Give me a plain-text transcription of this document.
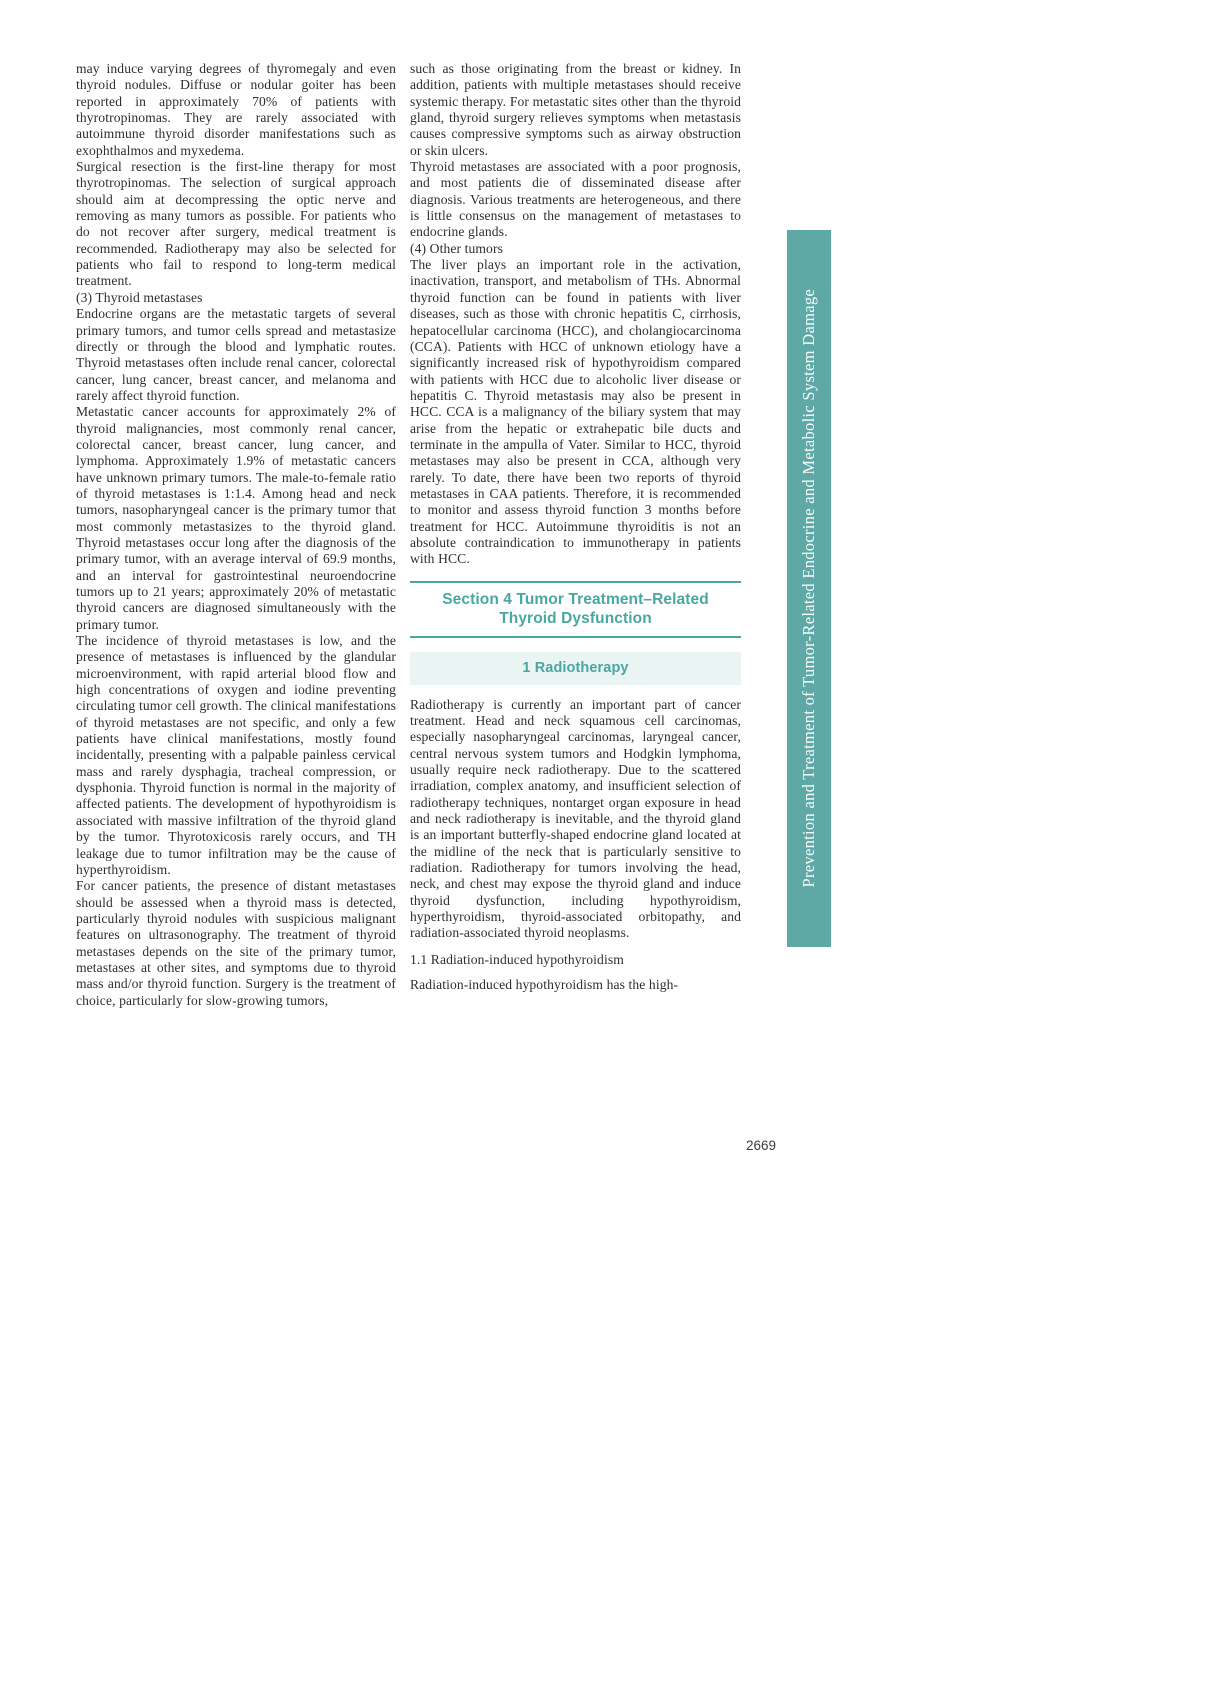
may induce varying degrees of thyromegaly and even thyroid nodules. Diffuse or nodular goiter has been reported in approximately 70% of patients with thyrotropinomas. They are rarely associated with autoimmune thyroid disorder manifestations such as exophthalmos and myxedema.

Surgical resection is the first-line therapy for most thyrotropinomas. The selection of surgical approach should aim at decompressing the optic nerve and removing as many tumors as possible. For patients who do not recover after surgery, medical treatment is recommended. Radiotherapy may also be selected for patients who fail to respond to long-term medical treatment.

(3) Thyroid metastases

Endocrine organs are the metastatic targets of several primary tumors, and tumor cells spread and metastasize directly or through the blood and lymphatic routes. Thyroid metastases often include renal cancer, colorectal cancer, lung cancer, breast cancer, and melanoma and rarely affect thyroid function.

Metastatic cancer accounts for approximately 2% of thyroid malignancies, most commonly renal cancer, colorectal cancer, breast cancer, lung cancer, and lymphoma. Approximately 1.9% of metastatic cancers have unknown primary tumors. The male-to-female ratio of thyroid metastases is 1:1.4. Among head and neck tumors, nasopharyngeal cancer is the primary tumor that most commonly metastasizes to the thyroid gland. Thyroid metastases occur long after the diagnosis of the primary tumor, with an average interval of 69.9 months, and an interval for gastrointestinal neuroendocrine tumors up to 21 years; approximately 20% of metastatic thyroid cancers are diagnosed simultaneously with the primary tumor.

The incidence of thyroid metastases is low, and the presence of metastases is influenced by the glandular microenvironment, with rapid arterial blood flow and high concentrations of oxygen and iodine preventing circulating tumor cell growth. The clinical manifestations of thyroid metastases are not specific, and only a few patients have clinical manifestations, mostly found incidentally, presenting with a palpable painless cervical mass and rarely dysphagia, tracheal compression, or dysphonia. Thyroid function is normal in the majority of affected patients. The development of hypothyroidism is associated with massive infiltration of the thyroid gland by the tumor. Thyrotoxicosis rarely occurs, and TH leakage due to tumor infiltration may be the cause of hyperthyroidism.

For cancer patients, the presence of distant metastases should be assessed when a thyroid mass is detected, particularly thyroid nodules with suspicious malignant features on ultrasonography. The treatment of thyroid metastases depends on the site of the primary tumor, metastases at other sites, and symptoms due to thyroid mass and/or thyroid function. Surgery is the treatment of choice, particularly for slow-growing tumors,

such as those originating from the breast or kidney. In addition, patients with multiple metastases should receive systemic therapy. For metastatic sites other than the thyroid gland, thyroid surgery relieves symptoms when metastasis causes compressive symptoms such as airway obstruction or skin ulcers.

Thyroid metastases are associated with a poor prognosis, and most patients die of disseminated disease after diagnosis. Various treatments are heterogeneous, and there is little consensus on the management of metastases to endocrine glands.

(4) Other tumors

The liver plays an important role in the activation, inactivation, transport, and metabolism of THs. Abnormal thyroid function can be found in patients with liver diseases, such as those with chronic hepatitis C, cirrhosis, hepatocellular carcinoma (HCC), and cholangiocarcinoma (CCA). Patients with HCC of unknown etiology have a significantly increased risk of hypothyroidism compared with patients with HCC due to alcoholic liver disease or hepatitis C. Thyroid metastasis may also be present in HCC. CCA is a malignancy of the biliary system that may arise from the hepatic or extrahepatic bile ducts and terminate in the ampulla of Vater. Similar to HCC, thyroid metastases may also be present in CCA, although very rarely. To date, there have been two reports of thyroid metastases in CAA patients. Therefore, it is recommended to monitor and assess thyroid function 3 months before treatment for HCC. Autoimmune thyroiditis is not an absolute contraindication to immunotherapy in patients with HCC.

Section 4 Tumor Treatment–Related Thyroid Dysfunction
1 Radiotherapy

Radiotherapy is currently an important part of cancer treatment. Head and neck squamous cell carcinomas, especially nasopharyngeal carcinomas, laryngeal cancer, central nervous system tumors and Hodgkin lymphoma, usually require neck radiotherapy. Due to the scattered irradiation, complex anatomy, and insufficient selection of radiotherapy techniques, nontarget organ exposure in head and neck radiotherapy is inevitable, and the thyroid gland is an important butterfly-shaped endocrine gland located at the midline of the neck that is particularly sensitive to radiation. Radiotherapy for tumors involving the head, neck, and chest may expose the thyroid gland and induce thyroid dysfunction, including hypothyroidism, hyperthyroidism, thyroid-associated orbitopathy, and radiation-associated thyroid neoplasms.

1.1 Radiation-induced hypothyroidism

Radiation-induced hypothyroidism has the high-

2669
Prevention and Treatment of Tumor-Related Endocrine and Metabolic System Damage
